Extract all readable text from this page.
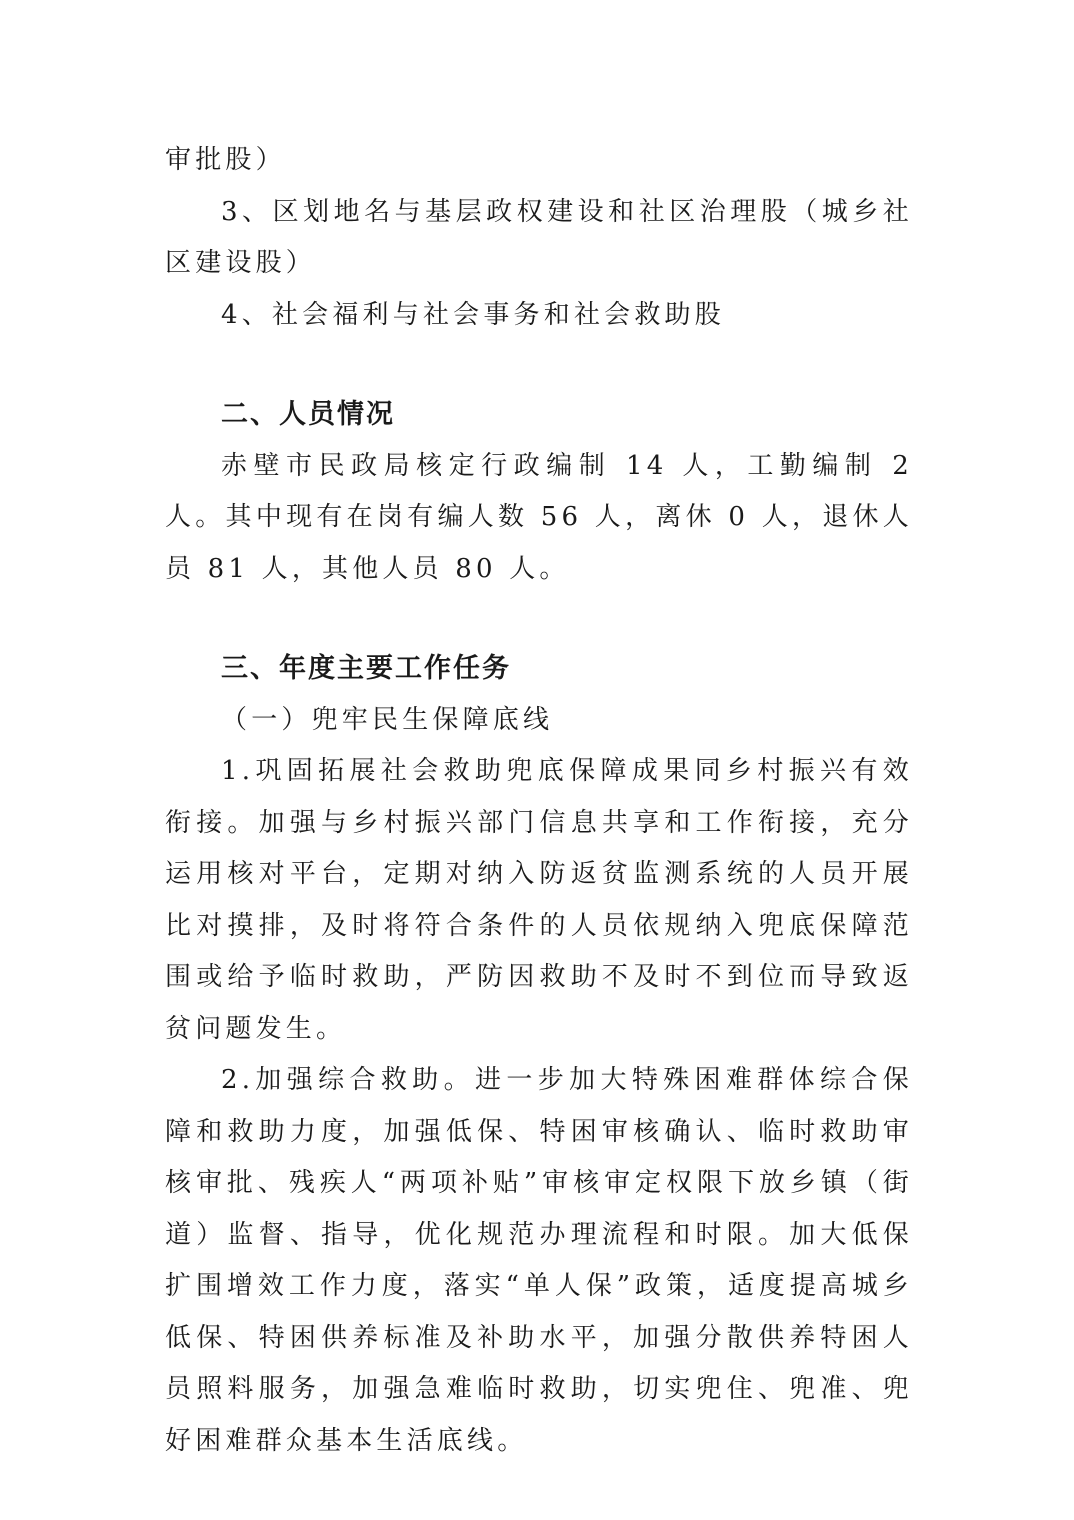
审批股）

3、区划地名与基层政权建设和社区治理股（城乡社区建设股）

4、社会福利与社会事务和社会救助股

二、人员情况

赤壁市民政局核定行政编制 14 人，工勤编制 2 人。其中现有在岗有编人数 56 人，离休 0 人，退休人员 81 人，其他人员 80 人。

三、年度主要工作任务

（一）兜牢民生保障底线

1.巩固拓展社会救助兜底保障成果同乡村振兴有效衔接。加强与乡村振兴部门信息共享和工作衔接，充分运用核对平台，定期对纳入防返贫监测系统的人员开展比对摸排，及时将符合条件的人员依规纳入兜底保障范围或给予临时救助，严防因救助不及时不到位而导致返贫问题发生。

2.加强综合救助。进一步加大特殊困难群体综合保障和救助力度，加强低保、特困审核确认、临时救助审核审批、残疾人“两项补贴”审核审定权限下放乡镇（街道）监督、指导，优化规范办理流程和时限。加大低保扩围增效工作力度，落实“单人保”政策，适度提高城乡低保、特困供养标准及补助水平，加强分散供养特困人员照料服务，加强急难临时救助，切实兜住、兜准、兜好困难群众基本生活底线。
